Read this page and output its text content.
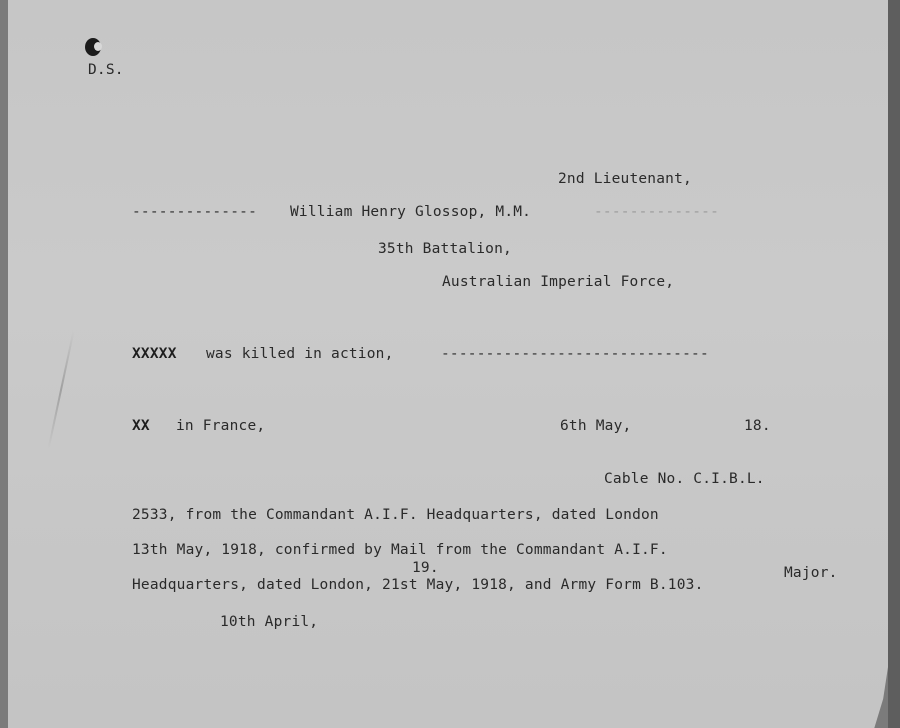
D.S.
2nd Lieutenant,
-------------- William Henry Glossop, M.M.	--------------
35th Battalion,
Australian Imperial Force,
XXXXX was killed in action,	------------------------------
XX in France,	6th May,	18.
Cable No. C.I.B.L.
2533, from the Commandant A.I.F. Headquarters, dated London
13th May, 1918, confirmed by Mail from the Commandant A.I.F.
19.
Headquarters, dated London, 21st May, 1918, and Army Form B.103.
Major.
10th April,
